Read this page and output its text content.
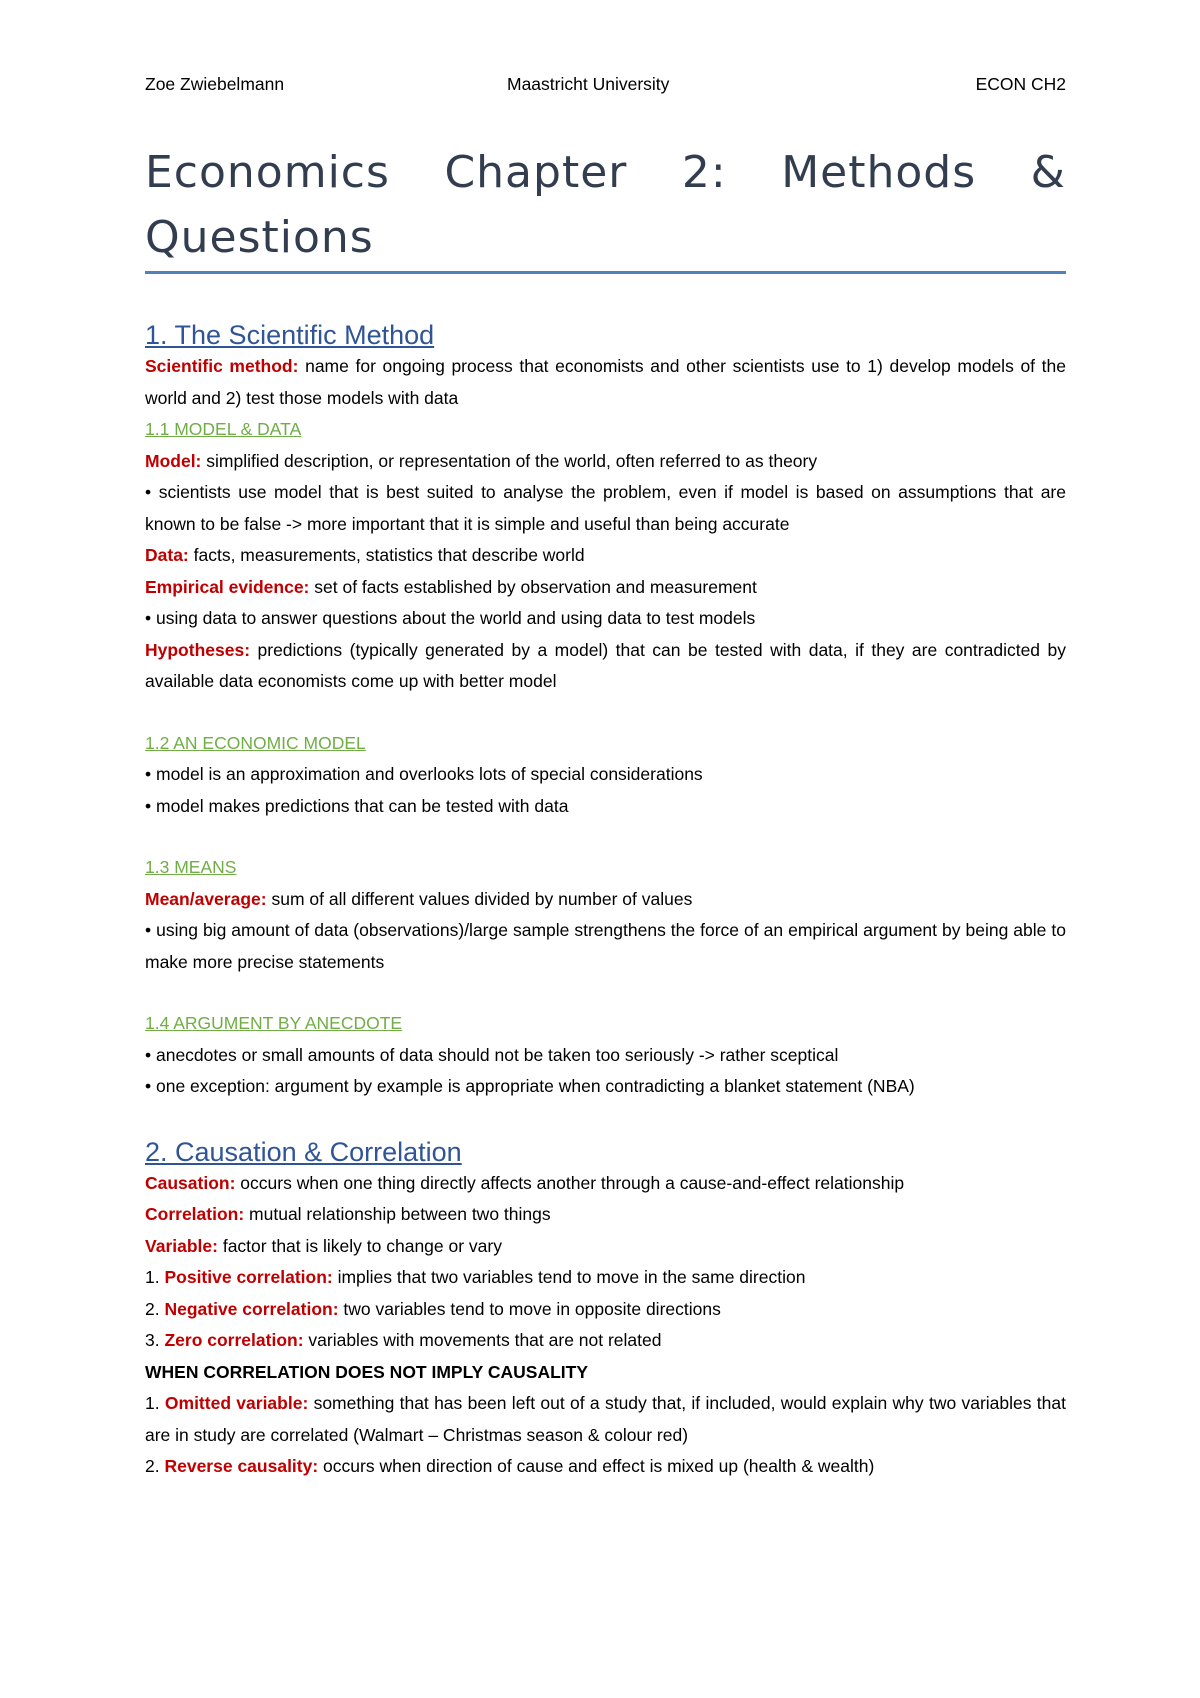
Zoe Zwiebelmann	Maastricht University	ECON CH2
Economics Chapter 2: Methods &
Questions
1. The Scientific Method

Scientific method: name for ongoing process that economists and other scientists use to 1) develop models of the world and 2) test those models with data

1.1 MODEL & DATA

Model: simplified description, or representation of the world, often referred to as theory

• scientists use model that is best suited to analyse the problem, even if model is based on assumptions that are known to be false -> more important that it is simple and useful than being accurate

Data: facts, measurements, statistics that describe world

Empirical evidence: set of facts established by observation and measurement

• using data to answer questions about the world and using data to test models

Hypotheses: predictions (typically generated by a model) that can be tested with data, if they are contradicted by available data economists come up with better model

1.2 AN ECONOMIC MODEL

• model is an approximation and overlooks lots of special considerations

• model makes predictions that can be tested with data

1.3 MEANS

Mean/average: sum of all different values divided by number of values

• using big amount of data (observations)/large sample strengthens the force of an empirical argument by being able to make more precise statements

1.4 ARGUMENT BY ANECDOTE

• anecdotes or small amounts of data should not be taken too seriously -> rather sceptical

• one exception: argument by example is appropriate when contradicting a blanket statement (NBA)

2. Causation & Correlation

Causation: occurs when one thing directly affects another through a cause-and-effect relationship

Correlation: mutual relationship between two things

Variable: factor that is likely to change or vary

1. Positive correlation: implies that two variables tend to move in the same direction

2. Negative correlation: two variables tend to move in opposite directions

3. Zero correlation: variables with movements that are not related

WHEN CORRELATION DOES NOT IMPLY CAUSALITY

1. Omitted variable: something that has been left out of a study that, if included, would explain why two variables that are in study are correlated (Walmart – Christmas season & colour red)

2. Reverse causality: occurs when direction of cause and effect is mixed up (health & wealth)
